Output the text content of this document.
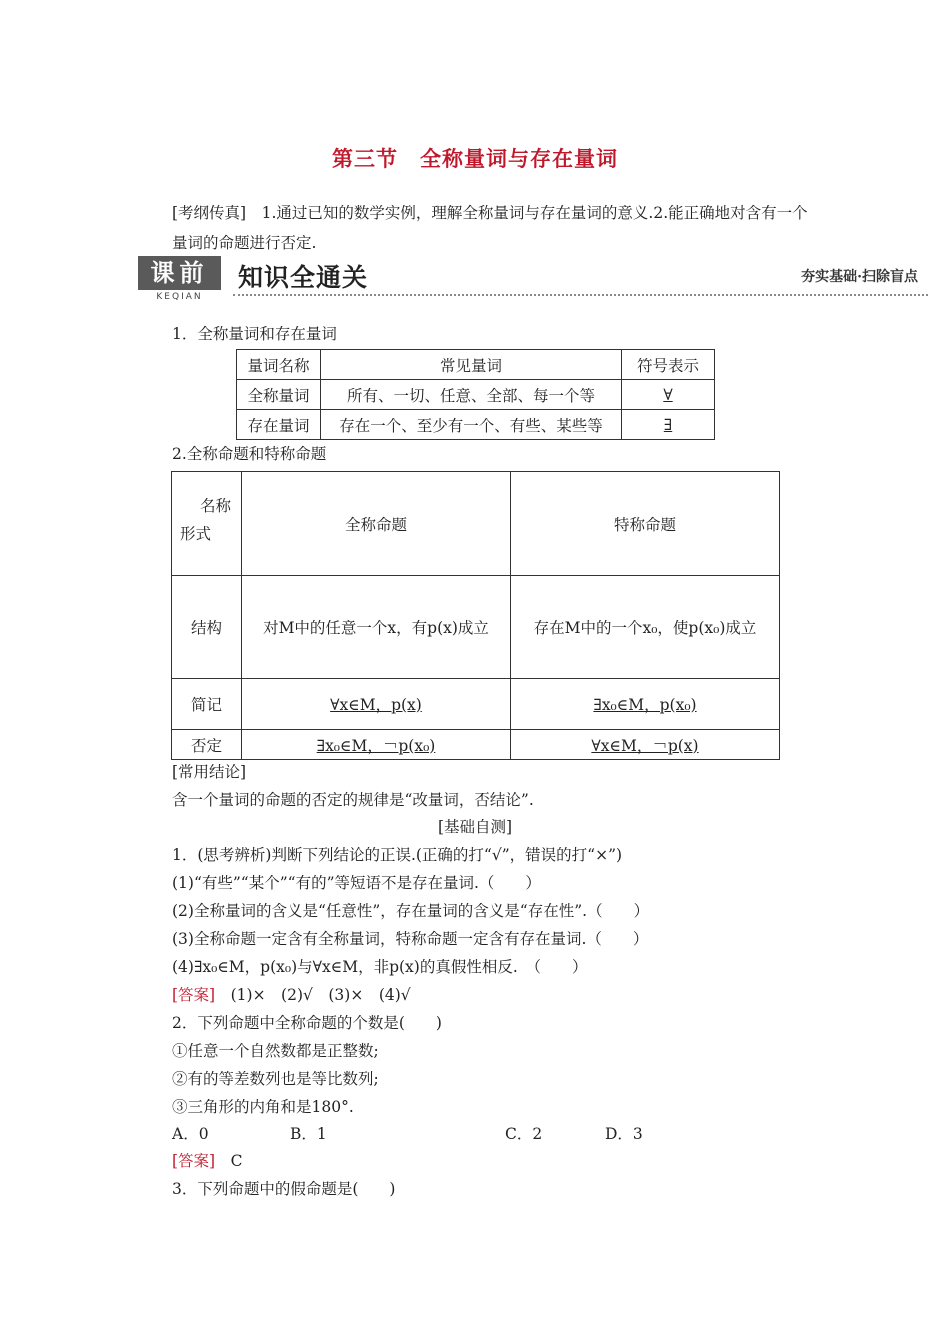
第三节　全称量词与存在量词
[考纲传真]　1.通过已知的数学实例，理解全称量词与存在量词的意义.2.能正确地对含有一个量词的命题进行否定.
课前
KEQIAN
知识全通关	夯实基础·扫除盲点
1．全称量词和存在量词
量词名称	常见量词	符号表示
全称量词	所有、一切、任意、全部、每一个等	∀
存在量词	存在一个、至少有一个、有些、某些等	∃
2.全称命题和特称命题
名称
形式	全称命题	特称命题
结构	对M中的任意一个x，有p(x)成立	存在M中的一个x₀，使p(x₀)成立
简记	∀x∈M，p(x)	∃x₀∈M，p(x₀)
否定	∃x₀∈M，￢p(x₀)	∀x∈M，￢p(x)
[常用结论]
含一个量词的命题的否定的规律是“改量词，否结论”.
[基础自测]
1．(思考辨析)判断下列结论的正误.(正确的打“√”，错误的打“×”)
(1)“有些”“某个”“有的”等短语不是存在量词.（　　）
(2)全称量词的含义是“任意性”，存在量词的含义是“存在性”.（　　）
(3)全称命题一定含有全称量词，特称命题一定含有存在量词.（　　）
(4)∃x₀∈M，p(x₀)与∀x∈M，非p(x)的真假性相反.　（　　）
[答案]　(1)×　(2)√　(3)×　(4)√
2．下列命题中全称命题的个数是(　　)
①任意一个自然数都是正整数;
②有的等差数列也是等比数列;
③三角形的内角和是180°.
A．0	B．1	C．2	D．3
[答案]　C
3．下列命题中的假命题是(　　)
